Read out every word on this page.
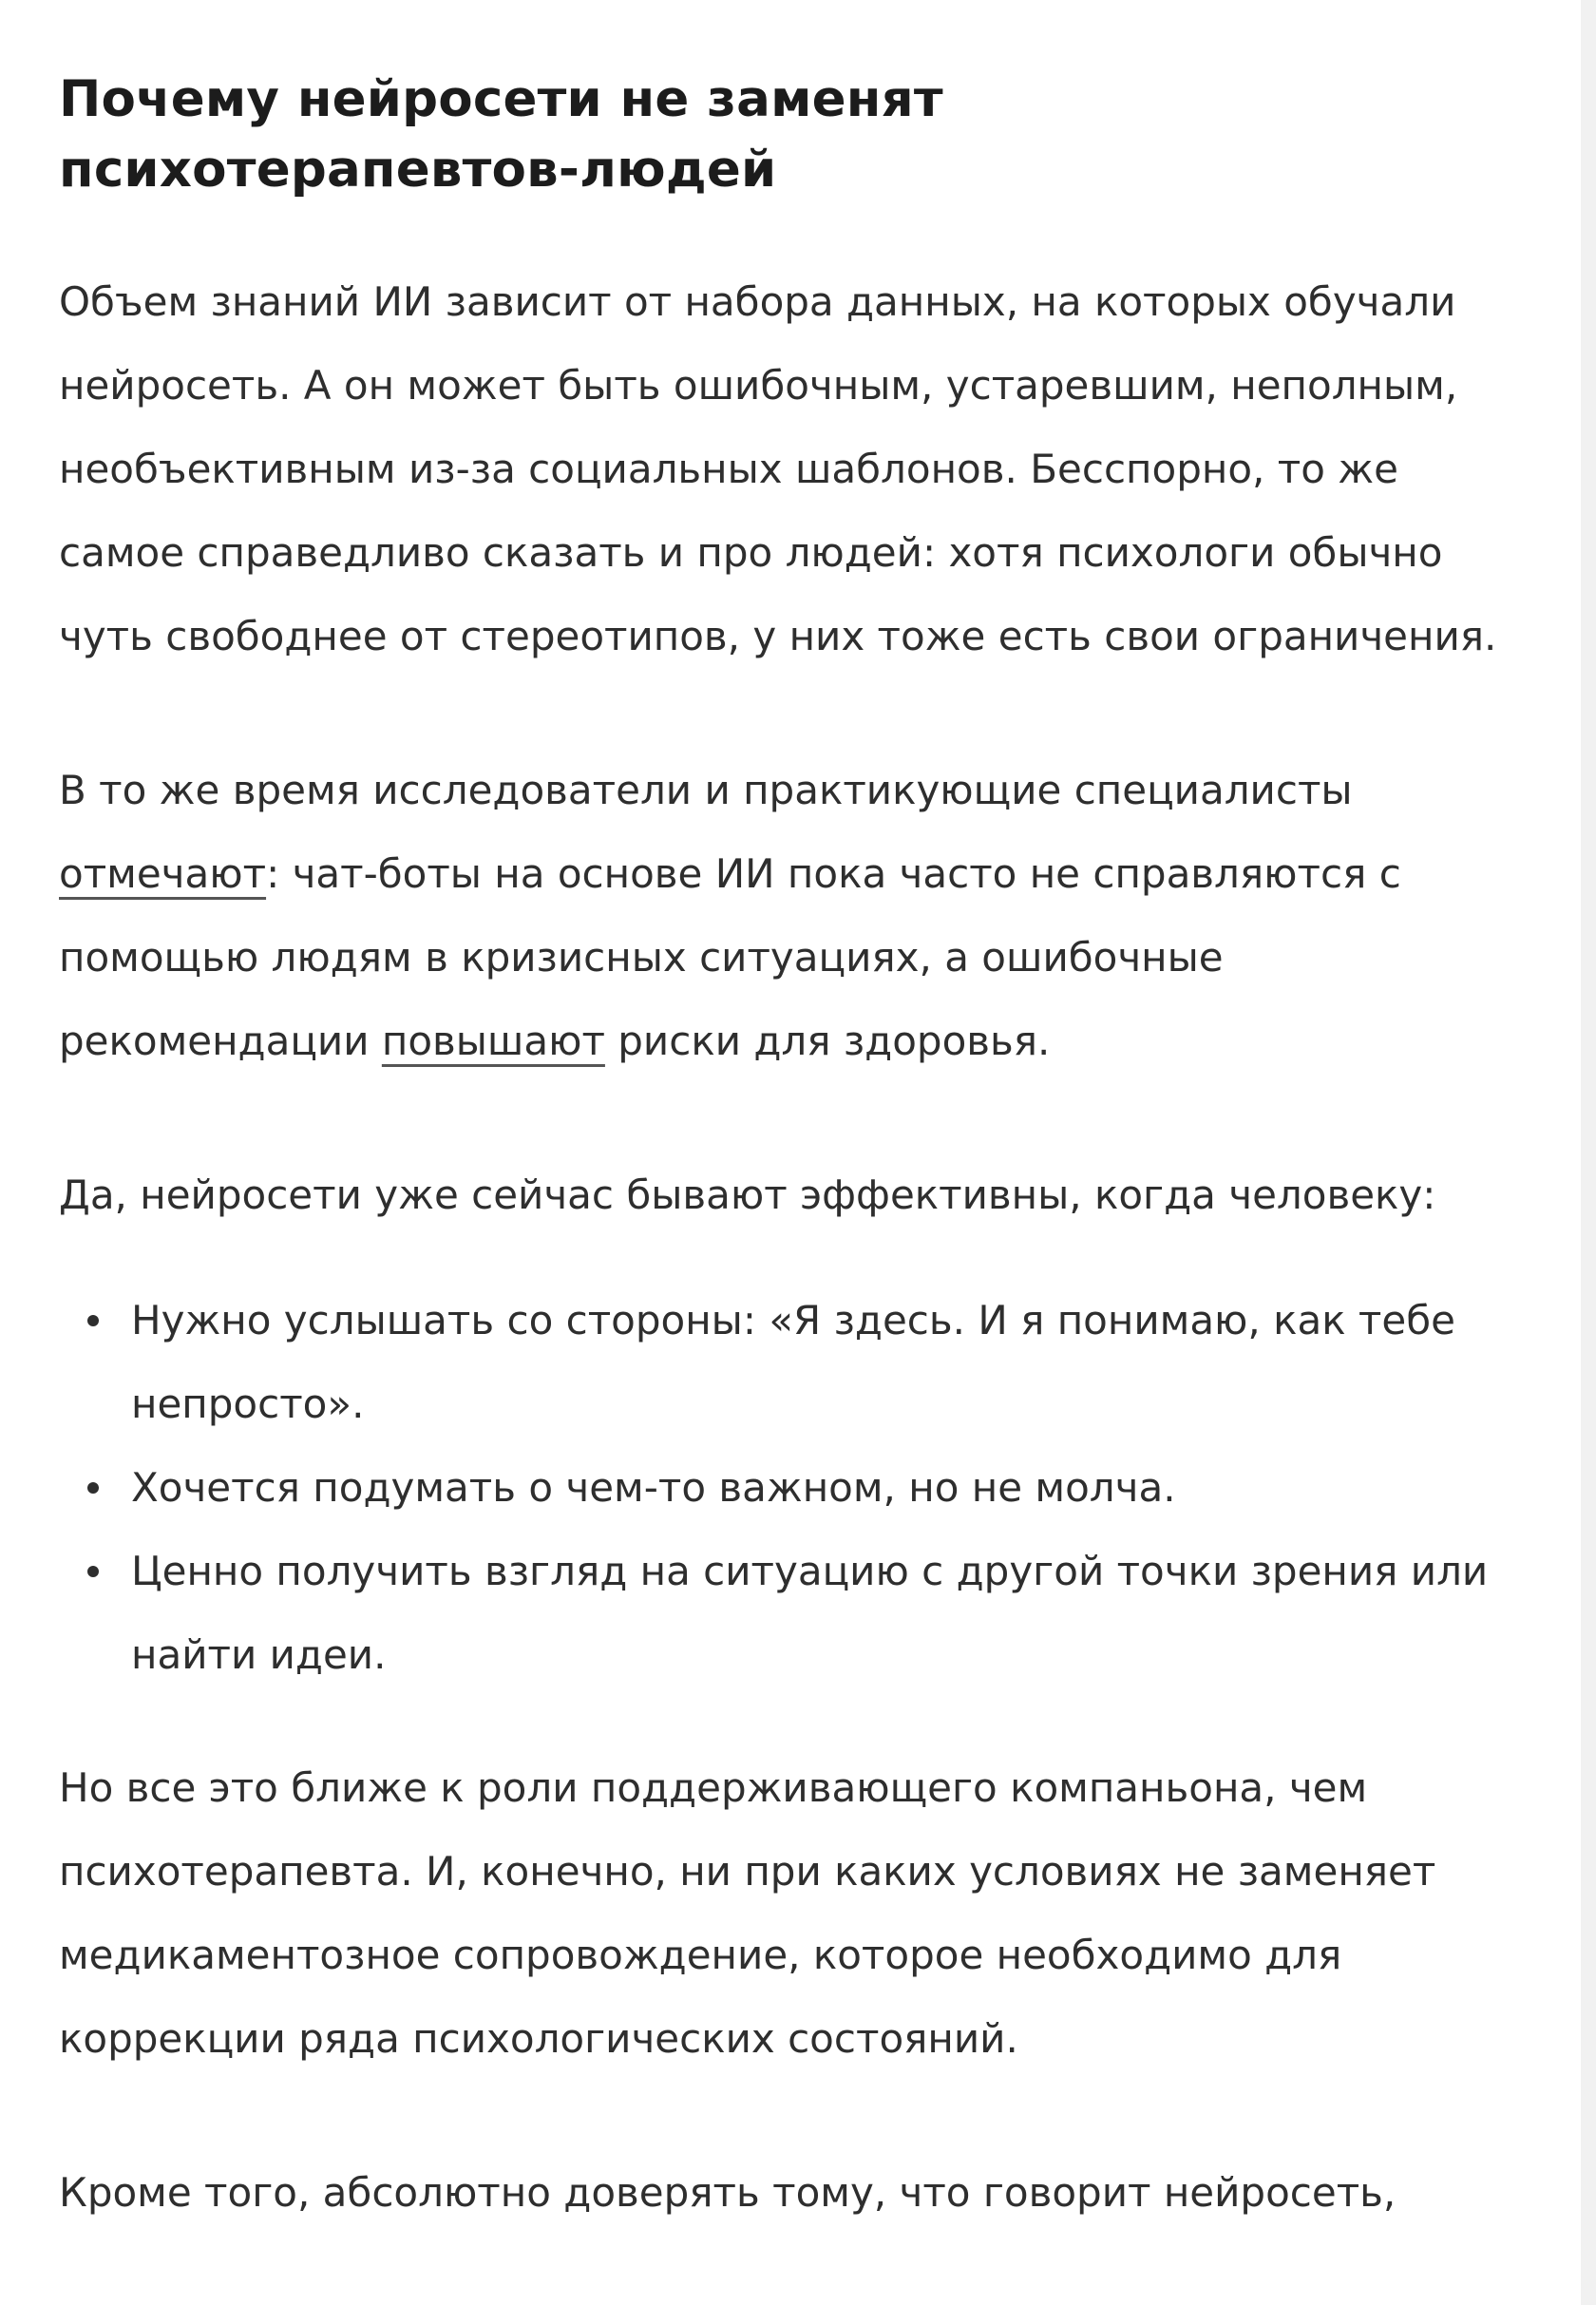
Почему нейросети не заменят
психотерапевтов-людей

Объем знаний ИИ зависит от набора данных, на которых обучали нейросеть. А он может быть ошибочным, устаревшим, неполным, необъективным из-за социальных шаблонов. Бесспорно, то же самое справедливо сказать и про людей: хотя психологи обычно чуть свободнее от стереотипов, у них тоже есть свои ограничения.

В то же время исследователи и практикующие специалисты отмечают: чат-боты на основе ИИ пока часто не справляются с помощью людям в кризисных ситуациях, а ошибочные рекомендации повышают риски для здоровья.

Да, нейросети уже сейчас бывают эффективны, когда человеку:

Нужно услышать со стороны: «Я здесь. И я понимаю, как тебе непросто».
Хочется подумать о чем-то важном, но не молча.
Ценно получить взгляд на ситуацию с другой точки зрения или найти идеи.

Но все это ближе к роли поддерживающего компаньона, чем психотерапевта. И, конечно, ни при каких условиях не заменяет медикаментозное сопровождение, которое необходимо для коррекции ряда психологических состояний.

Кроме того, абсолютно доверять тому, что говорит нейросеть,
